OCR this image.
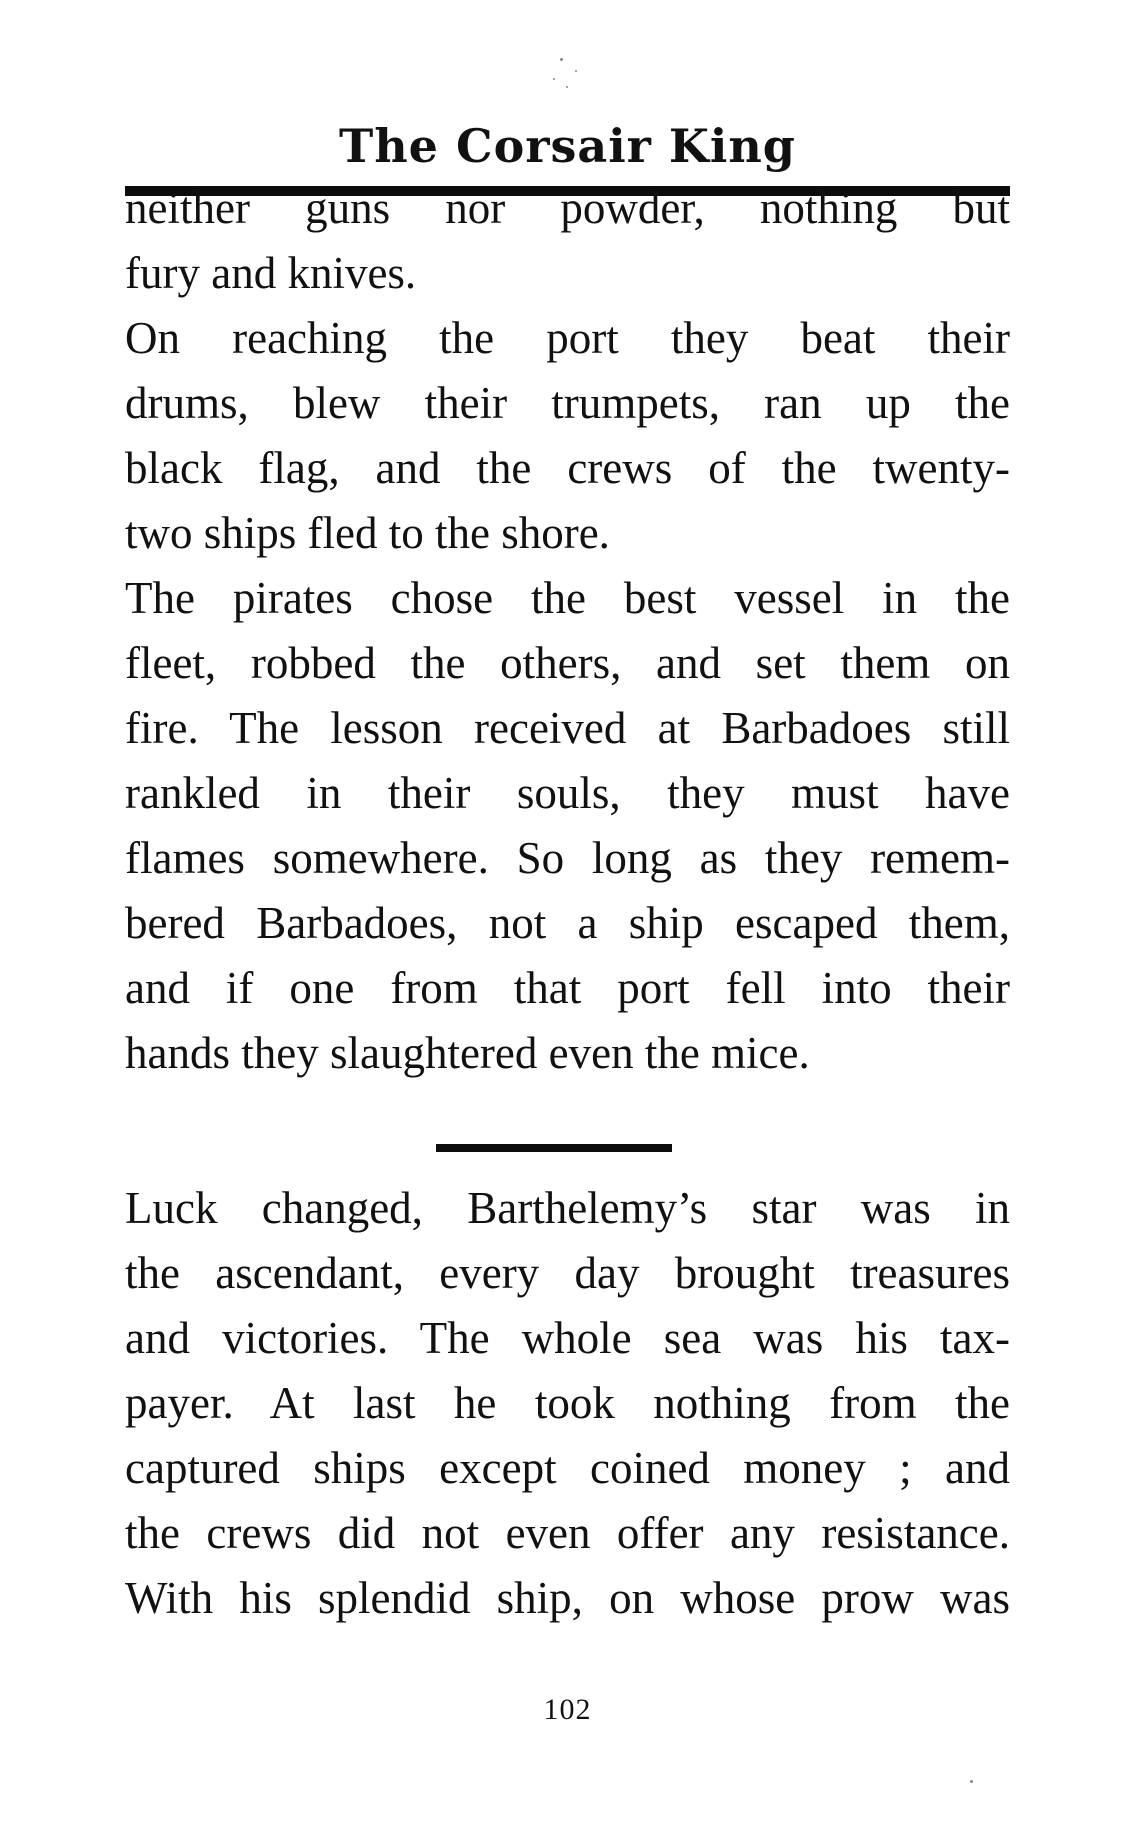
The Corsair King
neither guns nor powder, nothing but
fury and knives.
On reaching the port they beat their
drums, blew their trumpets, ran up the
black flag, and the crews of the twenty-
two ships fled to the shore.
The pirates chose the best vessel in the
fleet, robbed the others, and set them on
fire. The lesson received at Barbadoes still
rankled in their souls, they must have
flames somewhere. So long as they remem-
bered Barbadoes, not a ship escaped them,
and if one from that port fell into their
hands they slaughtered even the mice.
Luck changed, Barthelemy’s star was in
the ascendant, every day brought treasures
and victories. The whole sea was his tax-
payer. At last he took nothing from the
captured ships except coined money ; and
the crews did not even offer any resistance.
With his splendid ship, on whose prow was
102
